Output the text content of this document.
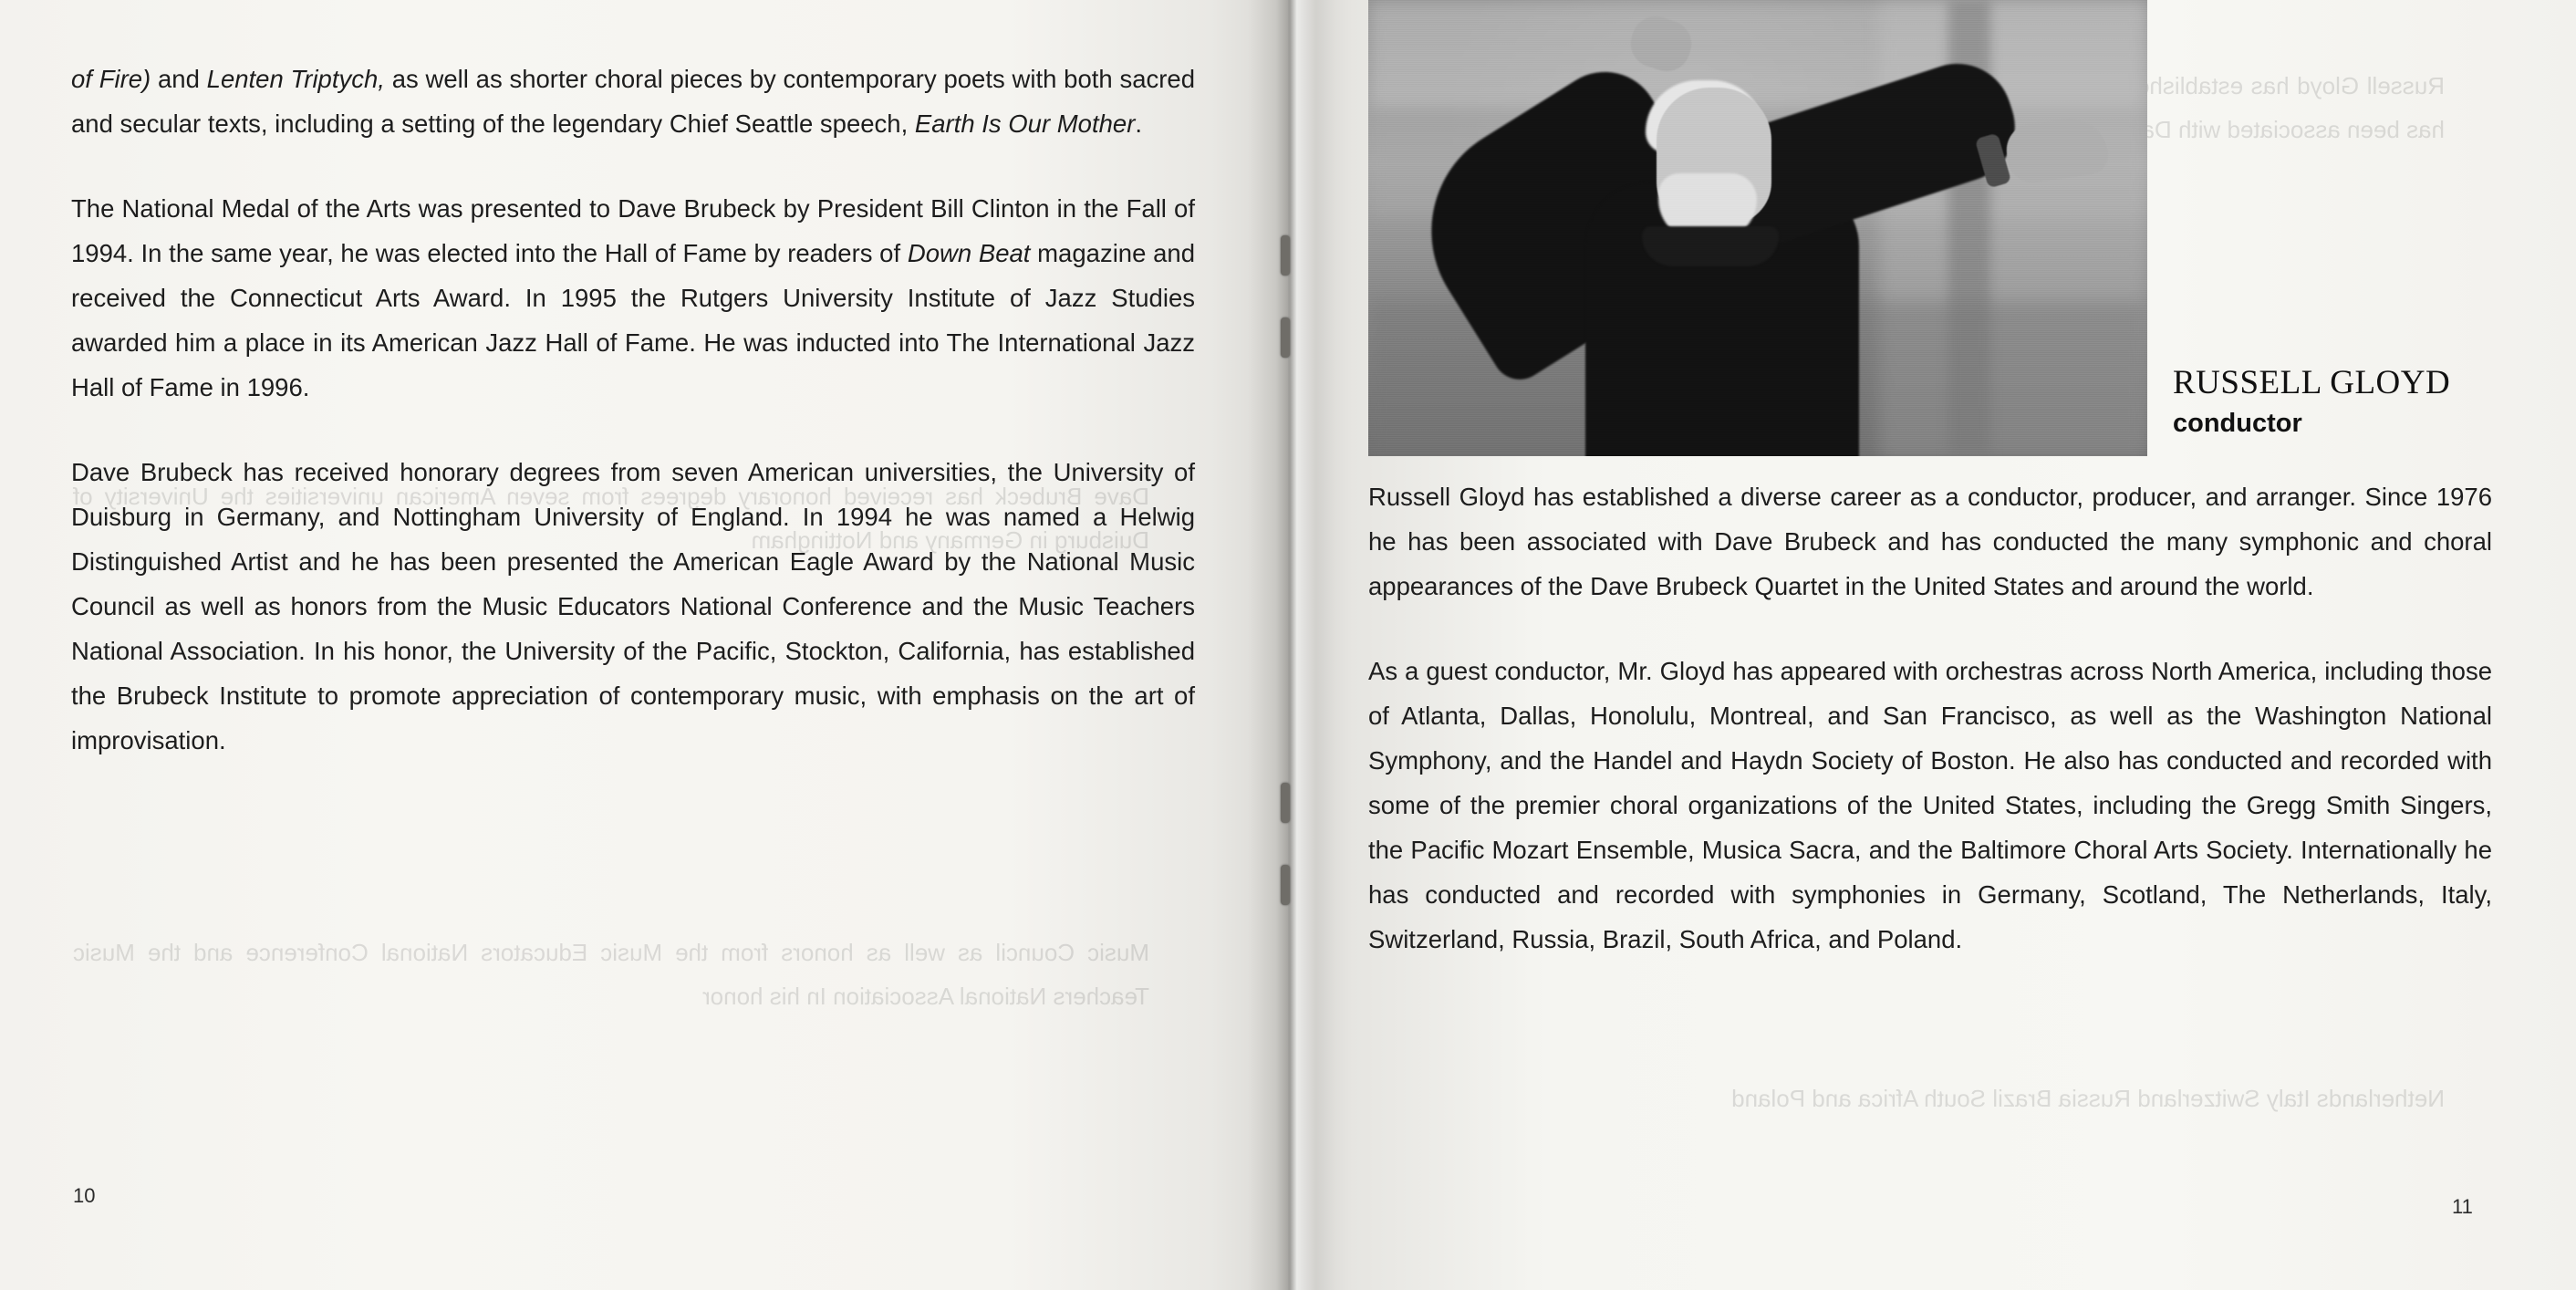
of Fire) and Lenten Triptych, as well as shorter choral pieces by contemporary poets with both sacred and secular texts, including a setting of the legendary Chief Seattle speech, Earth Is Our Mother.

The National Medal of the Arts was presented to Dave Brubeck by President Bill Clinton in the Fall of 1994. In the same year, he was elected into the Hall of Fame by readers of Down Beat magazine and received the Connecticut Arts Award. In 1995 the Rutgers University Institute of Jazz Studies awarded him a place in its American Jazz Hall of Fame. He was inducted into The International Jazz Hall of Fame in 1996.

Dave Brubeck has received honorary degrees from seven American universities, the University of Duisburg in Germany, and Nottingham University of England. In 1994 he was named a Helwig Distinguished Artist and he has been presented the American Eagle Award by the National Music Council as well as honors from the Music Educators National Conference and the Music Teachers National Association. In his honor, the University of the Pacific, Stockton, California, has established the Brubeck Institute to promote appreciation of contemporary music, with emphasis on the art of improvisation.

RUSSELL GLOYD
conductor

Russell Gloyd has established a diverse career as a conductor, producer, and arranger. Since 1976 he has been associated with Dave Brubeck and has conducted the many symphonic and choral appearances of the Dave Brubeck Quartet in the United States and around the world.

As a guest conductor, Mr. Gloyd has appeared with orchestras across North America, including those of Atlanta, Dallas, Honolulu, Montreal, and San Francisco, as well as the Washington National Symphony, and the Handel and Haydn Society of Boston. He also has conducted and recorded with some of the premier choral organizations of the United States, including the Gregg Smith Singers, the Pacific Mozart Ensemble, Musica Sacra, and the Baltimore Choral Arts Society. Internationally he has conducted and recorded with symphonies in Germany, Scotland, The Netherlands, Italy, Switzerland, Russia, Brazil, South Africa, and Poland.

10	11
